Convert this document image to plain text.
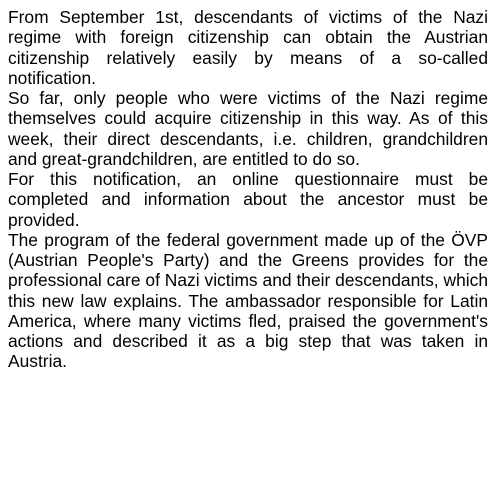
From September 1st, descendants of victims of the Nazi regime with foreign citizenship can obtain the Austrian citizenship relatively easily by means of a so-called notification.

So far, only people who were victims of the Nazi regime themselves could acquire citizenship in this way. As of this week, their direct descendants, i.e. children, grandchildren and great-grandchildren, are entitled to do so.

For this notification, an online questionnaire must be completed and information about the ancestor must be provided.

The program of the federal government made up of the ÖVP (Austrian People's Party) and the Greens provides for the professional care of Nazi victims and their descendants, which this new law explains. The ambassador responsible for Latin America, where many victims fled, praised the government's actions and described it as a big step that was taken in Austria.
